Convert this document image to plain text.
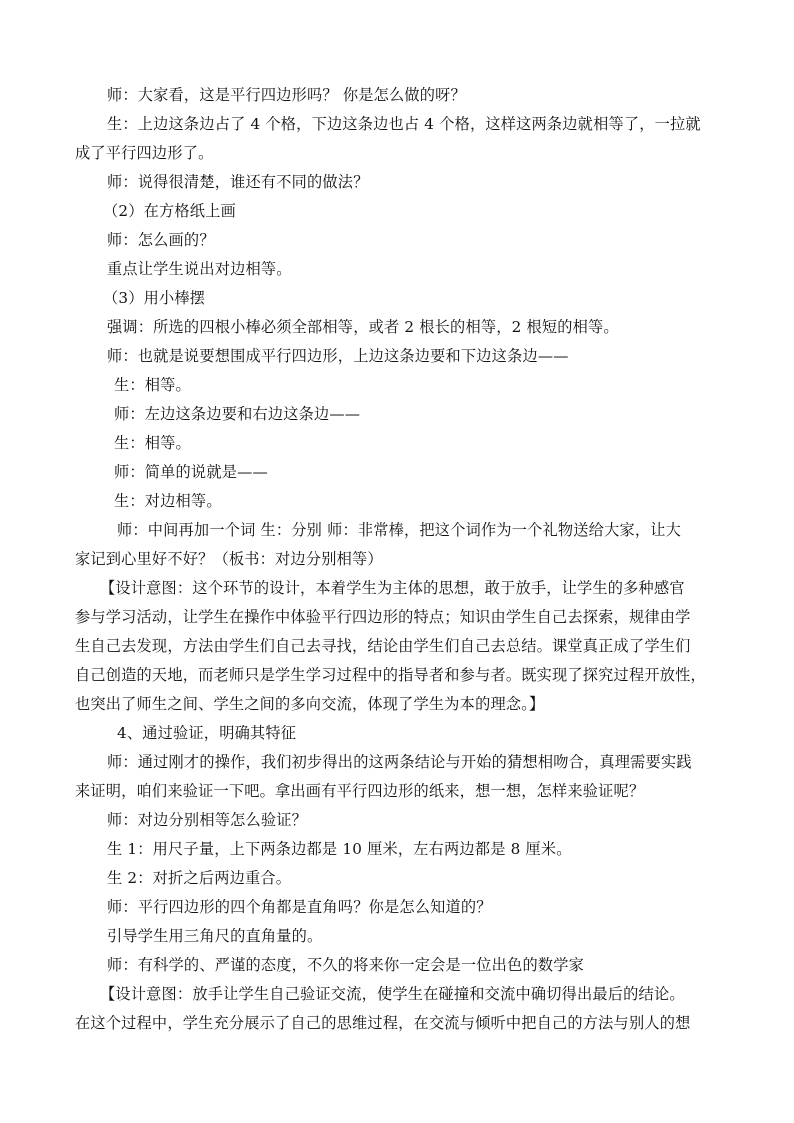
师：大家看，这是平行四边形吗？ 你是怎么做的呀？
生：上边这条边占了 4 个格，下边这条边也占 4 个格，这样这两条边就相等了，一拉就
成了平行四边形了。
师：说得很清楚，谁还有不同的做法？
（2）在方格纸上画
师：怎么画的？
重点让学生说出对边相等。
（3）用小棒摆
强调：所选的四根小棒必须全部相等，或者 2 根长的相等，2 根短的相等。
师：也就是说要想围成平行四边形，上边这条边要和下边这条边——
生：相等。
师：左边这条边要和右边这条边——
生：相等。
师：简单的说就是——
生：对边相等。
师：中间再加一个词 生：分别 师：非常棒，把这个词作为一个礼物送给大家，让大
家记到心里好不好？（板书：对边分别相等）
【设计意图：这个环节的设计，本着学生为主体的思想，敢于放手，让学生的多种感官
参与学习活动，让学生在操作中体验平行四边形的特点；知识由学生自己去探索，规律由学
生自己去发现，方法由学生们自己去寻找，结论由学生们自己去总结。课堂真正成了学生们
自己创造的天地，而老师只是学生学习过程中的指导者和参与者。既实现了探究过程开放性，
也突出了师生之间、学生之间的多向交流，体现了学生为本的理念。】
4、通过验证，明确其特征
师：通过刚才的操作，我们初步得出的这两条结论与开始的猜想相吻合，真理需要实践
来证明，咱们来验证一下吧。拿出画有平行四边形的纸来，想一想，怎样来验证呢？
师：对边分别相等怎么验证？
生 1：用尺子量，上下两条边都是 10 厘米，左右两边都是 8 厘米。
生 2：对折之后两边重合。
师：平行四边形的四个角都是直角吗？你是怎么知道的？
引导学生用三角尺的直角量的。
师：有科学的、严谨的态度，不久的将来你一定会是一位出色的数学家
【设计意图：放手让学生自己验证交流，使学生在碰撞和交流中确切得出最后的结论。
在这个过程中，学生充分展示了自己的思维过程，在交流与倾听中把自己的方法与别人的想
